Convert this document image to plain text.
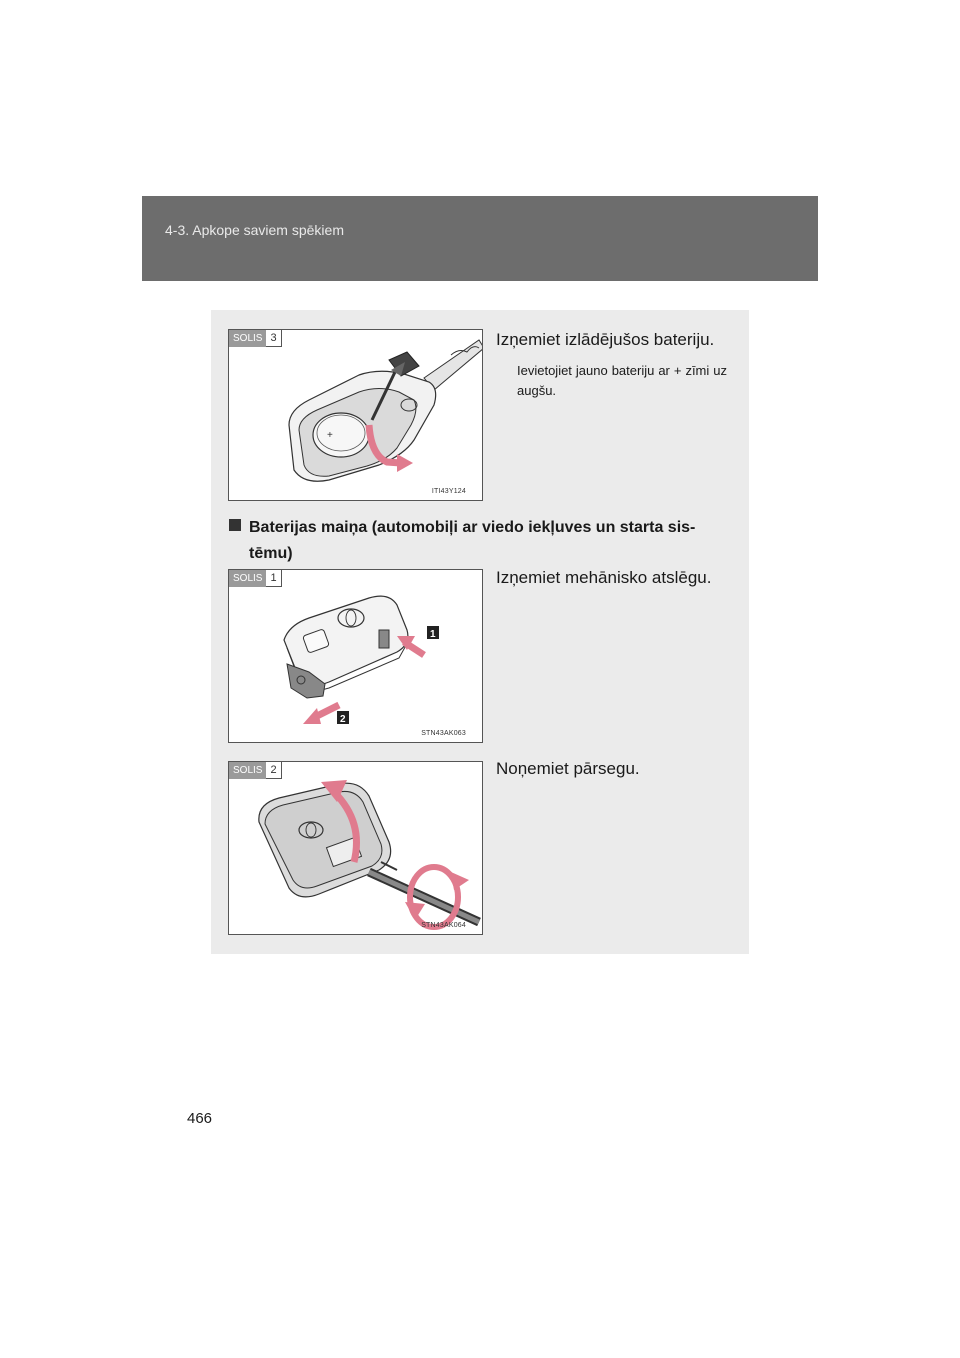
4-3. Apkope saviem spēkiem
+
SOLIS 3
ITI43Y124
Izņemiet izlādējušos bateriju.
Ievietojiet jauno bateriju ar + zīmi uz augšu.
Baterijas maiņa (automobiļi ar viedo iekļuves un starta sis-
tēmu)
1
2
SOLIS 1
STN43AK063
Izņemiet mehānisko atslēgu.
SOLIS 2
STN43AK064
Noņemiet pārsegu.
466
